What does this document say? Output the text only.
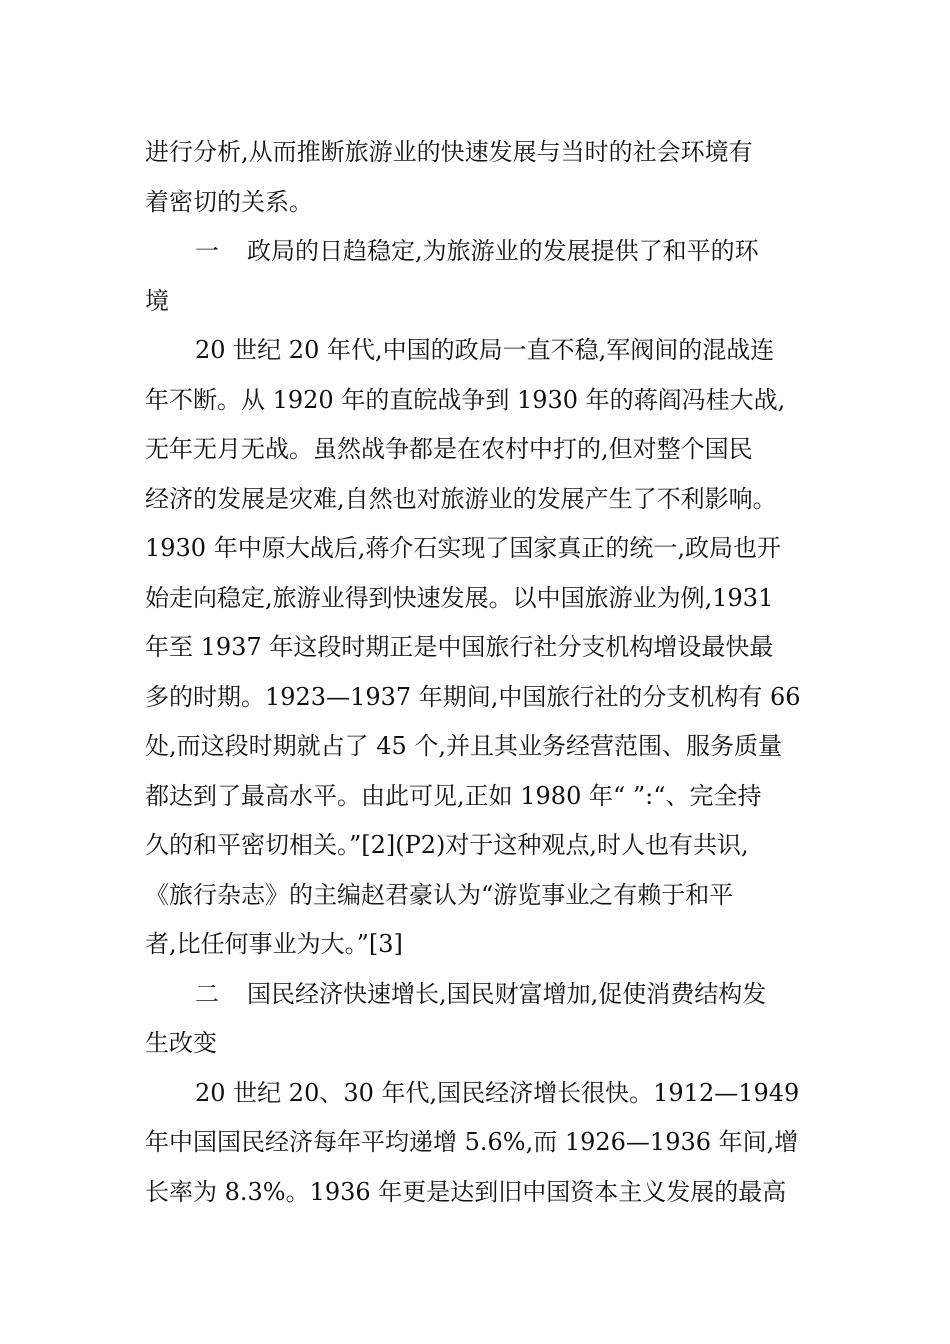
进行分析,从而推断旅游业的快速发展与当时的社会环境有
着密切的关系。
一 政局的日趋稳定,为旅游业的发展提供了和平的环
境
20 世纪 20 年代,中国的政局一直不稳,军阀间的混战连
年不断。从 1920 年的直皖战争到 1930 年的蒋阎冯桂大战,
无年无月无战。虽然战争都是在农村中打的,但对整个国民
经济的发展是灾难,自然也对旅游业的发展产生了不利影响。
1930 年中原大战后,蒋介石实现了国家真正的统一,政局也开
始走向稳定,旅游业得到快速发展。以中国旅游业为例,1931
年至 1937 年这段时期正是中国旅行社分支机构增设最快最
多的时期。1923—1937 年期间,中国旅行社的分支机构有 66
处,而这段时期就占了 45 个,并且其业务经营范围、服务质量
都达到了最高水平。由此可见,正如 1980 年“ ”:“、完全持
久的和平密切相关。”[2](P2)对于这种观点,时人也有共识,
《旅行杂志》的主编赵君豪认为“游览事业之有赖于和平
者,比任何事业为大。”[3]
二 国民经济快速增长,国民财富增加,促使消费结构发
生改变
20 世纪 20、30 年代,国民经济增长很快。1912—1949
年中国国民经济每年平均递增 5.6%,而 1926—1936 年间,增
长率为 8.3%。1936 年更是达到旧中国资本主义发展的最高
